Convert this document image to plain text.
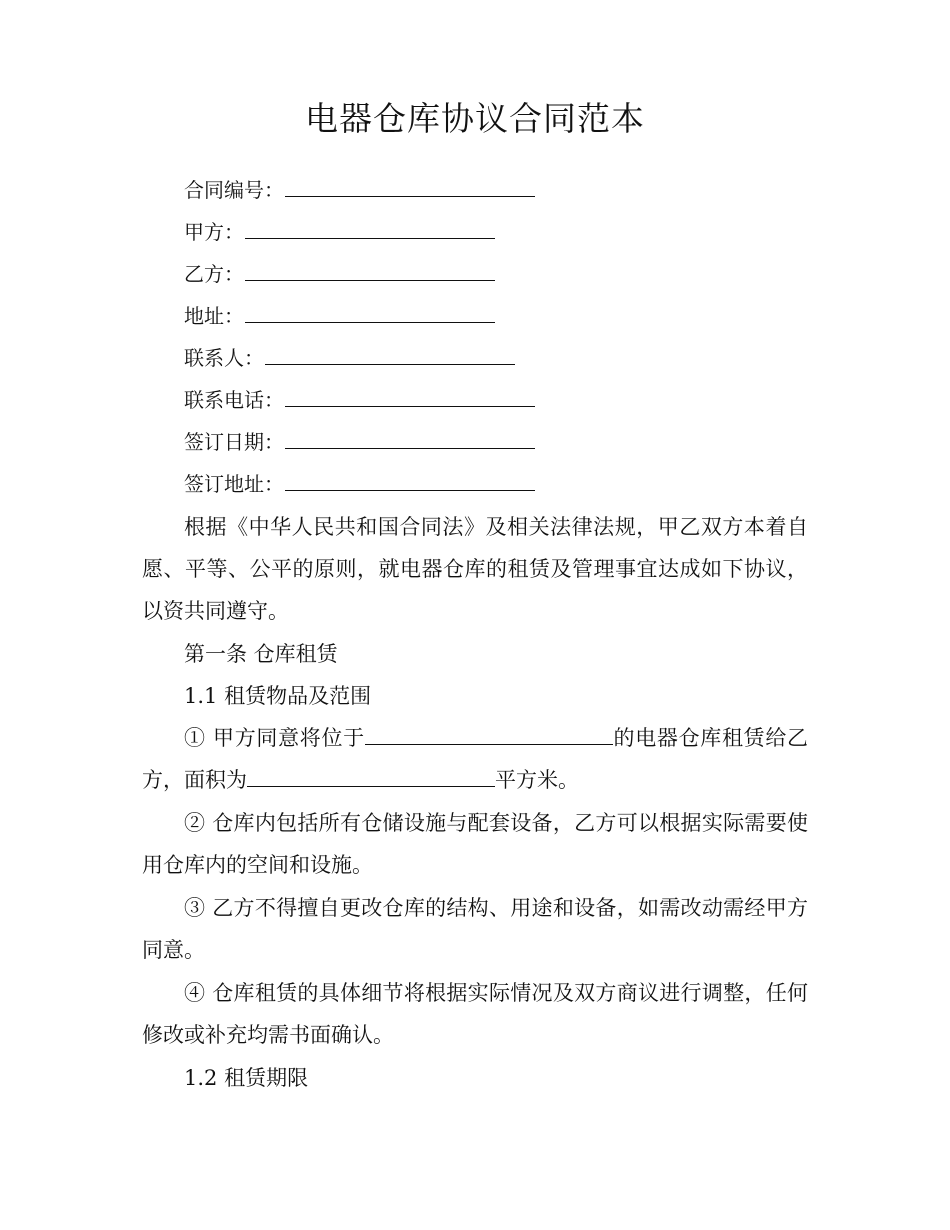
电器仓库协议合同范本
合同编号：
甲方：
乙方：
地址：
联系人：
联系电话：
签订日期：
签订地址：
根据《中华人民共和国合同法》及相关法律法规，甲乙双方本着自愿、平等、公平的原则，就电器仓库的租赁及管理事宜达成如下协议，以资共同遵守。
第一条 仓库租赁
1.1 租赁物品及范围
① 甲方同意将位于	的电器仓库租赁给乙方，面积为	平方米。
② 仓库内包括所有仓储设施与配套设备，乙方可以根据实际需要使用仓库内的空间和设施。
③ 乙方不得擅自更改仓库的结构、用途和设备，如需改动需经甲方同意。
④ 仓库租赁的具体细节将根据实际情况及双方商议进行调整，任何修改或补充均需书面确认。
1.2 租赁期限
